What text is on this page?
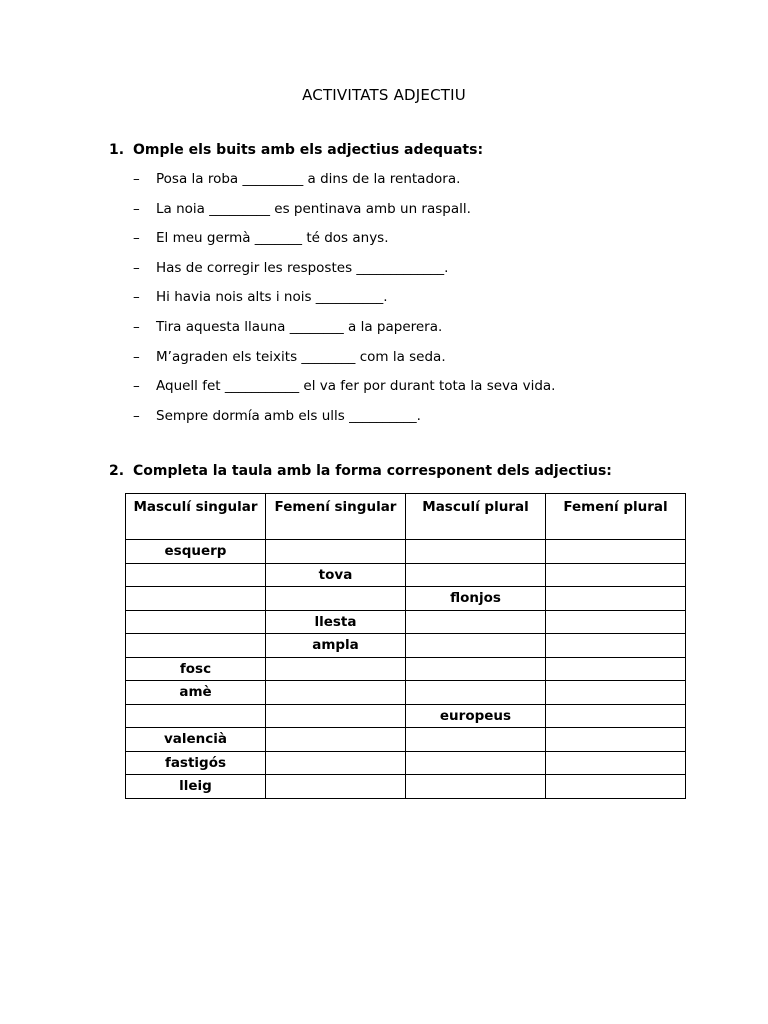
ACTIVITATS ADJECTIU
1. Omple els buits amb els adjectius adequats:
– Posa la roba _________ a dins de la rentadora.
– La noia _________ es pentinava amb un raspall.
– El meu germà _______ té dos anys.
– Has de corregir les respostes _____________.
– Hi havia nois alts i nois __________.
– Tira aquesta llauna ________ a la paperera.
– M’agraden els teixits ________ com la seda.
– Aquell fet ___________ el va fer por durant tota la seva vida.
– Sempre dormía amb els ulls __________.
2. Completa la taula amb la forma corresponent dels adjectius:
Masculí singular	Femení singular	Masculí plural	Femení plural
esquerp			
	tova		
		flonjos	
	llesta		
	ampla		
fosc			
amè			
		europeus	
valencià			
fastigós			
lleig			
